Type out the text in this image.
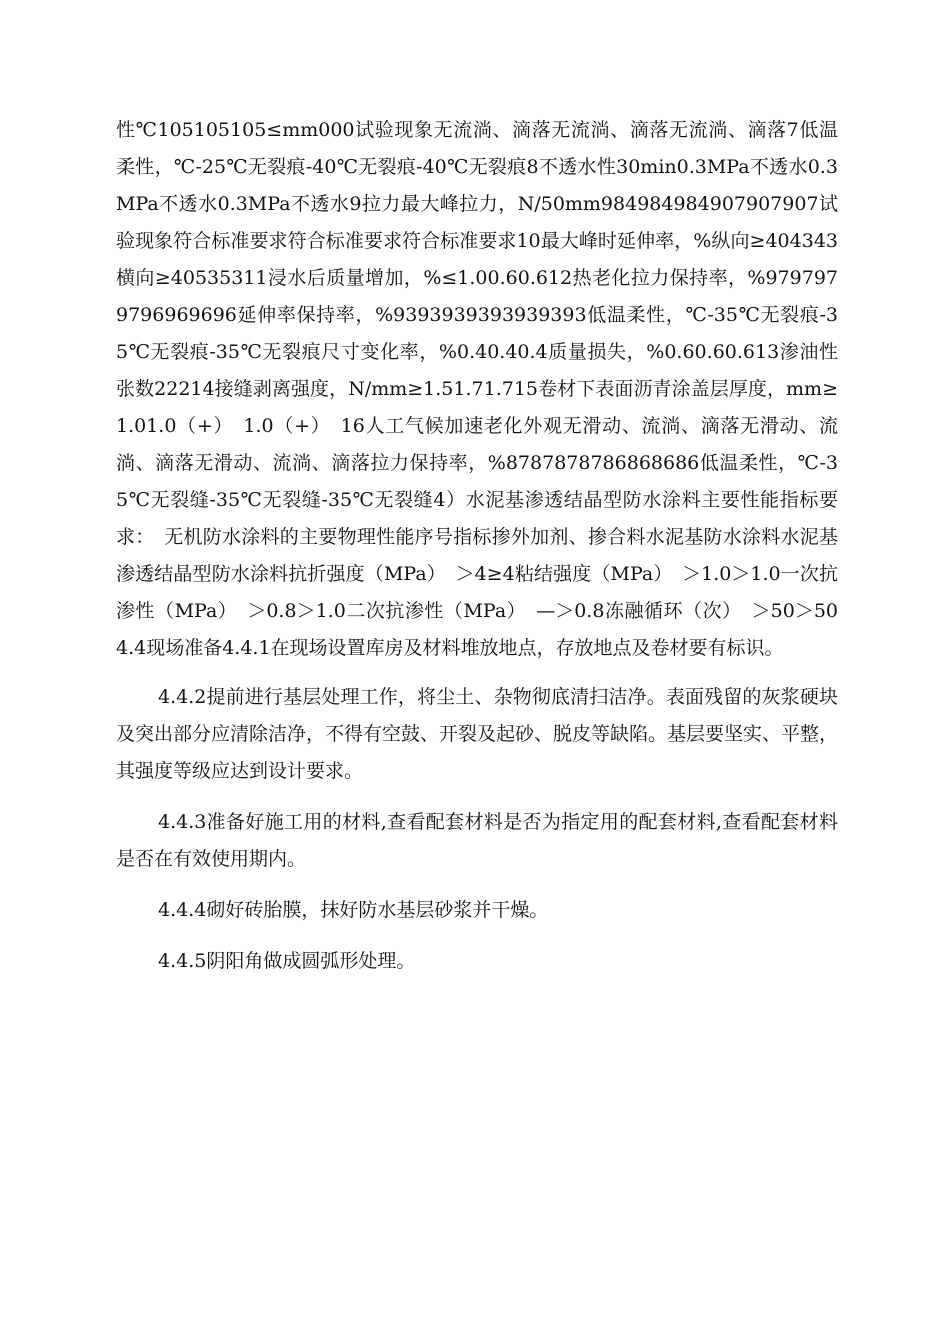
性℃105105105≤mm000试验现象无流淌、滴落无流淌、滴落无流淌、滴落7低温柔性，℃-25℃无裂痕-40℃无裂痕-40℃无裂痕8不透水性30min0.3MPa不透水0.3MPa不透水0.3MPa不透水9拉力最大峰拉力，N/50mm984984984907907907试验现象符合标准要求符合标准要求符合标准要求10最大峰时延伸率，%纵向≥404343横向≥40535311浸水后质量增加，%≤1.00.60.612热老化拉力保持率，%9797979796969696延伸率保持率，%9393939393939393低温柔性，℃-35℃无裂痕-35℃无裂痕-35℃无裂痕尺寸变化率，%0.40.40.4质量损失，%0.60.60.613渗油性张数22214接缝剥离强度，N/mm≥1.51.71.715卷材下表面沥青涂盖层厚度，mm≥1.01.0（+）　1.0（+）　16人工气候加速老化外观无滑动、流淌、滴落无滑动、流淌、滴落无滑动、流淌、滴落拉力保持率，%8787878786868686低温柔性，℃-35℃无裂缝-35℃无裂缝-35℃无裂缝4）水泥基渗透结晶型防水涂料主要性能指标要求：　无机防水涂料的主要物理性能序号指标掺外加剂、掺合料水泥基防水涂料水泥基渗透结晶型防水涂料抗折强度（MPa）　＞4≥4粘结强度（MPa）　＞1.0＞1.0一次抗渗性（MPa）　＞0.8＞1.0二次抗渗性（MPa）　—＞0.8冻融循环（次）　＞50＞504.4现场准备4.4.1在现场设置库房及材料堆放地点，存放地点及卷材要有标识。

4.4.2提前进行基层处理工作，将尘土、杂物彻底清扫洁净。表面残留的灰浆硬块及突出部分应清除洁净，不得有空鼓、开裂及起砂、脱皮等缺陷。基层要坚实、平整，其强度等级应达到设计要求。

4.4.3准备好施工用的材料,查看配套材料是否为指定用的配套材料,查看配套材料是否在有效使用期内。

4.4.4砌好砖胎膜，抹好防水基层砂浆并干燥。

4.4.5阴阳角做成圆弧形处理。
